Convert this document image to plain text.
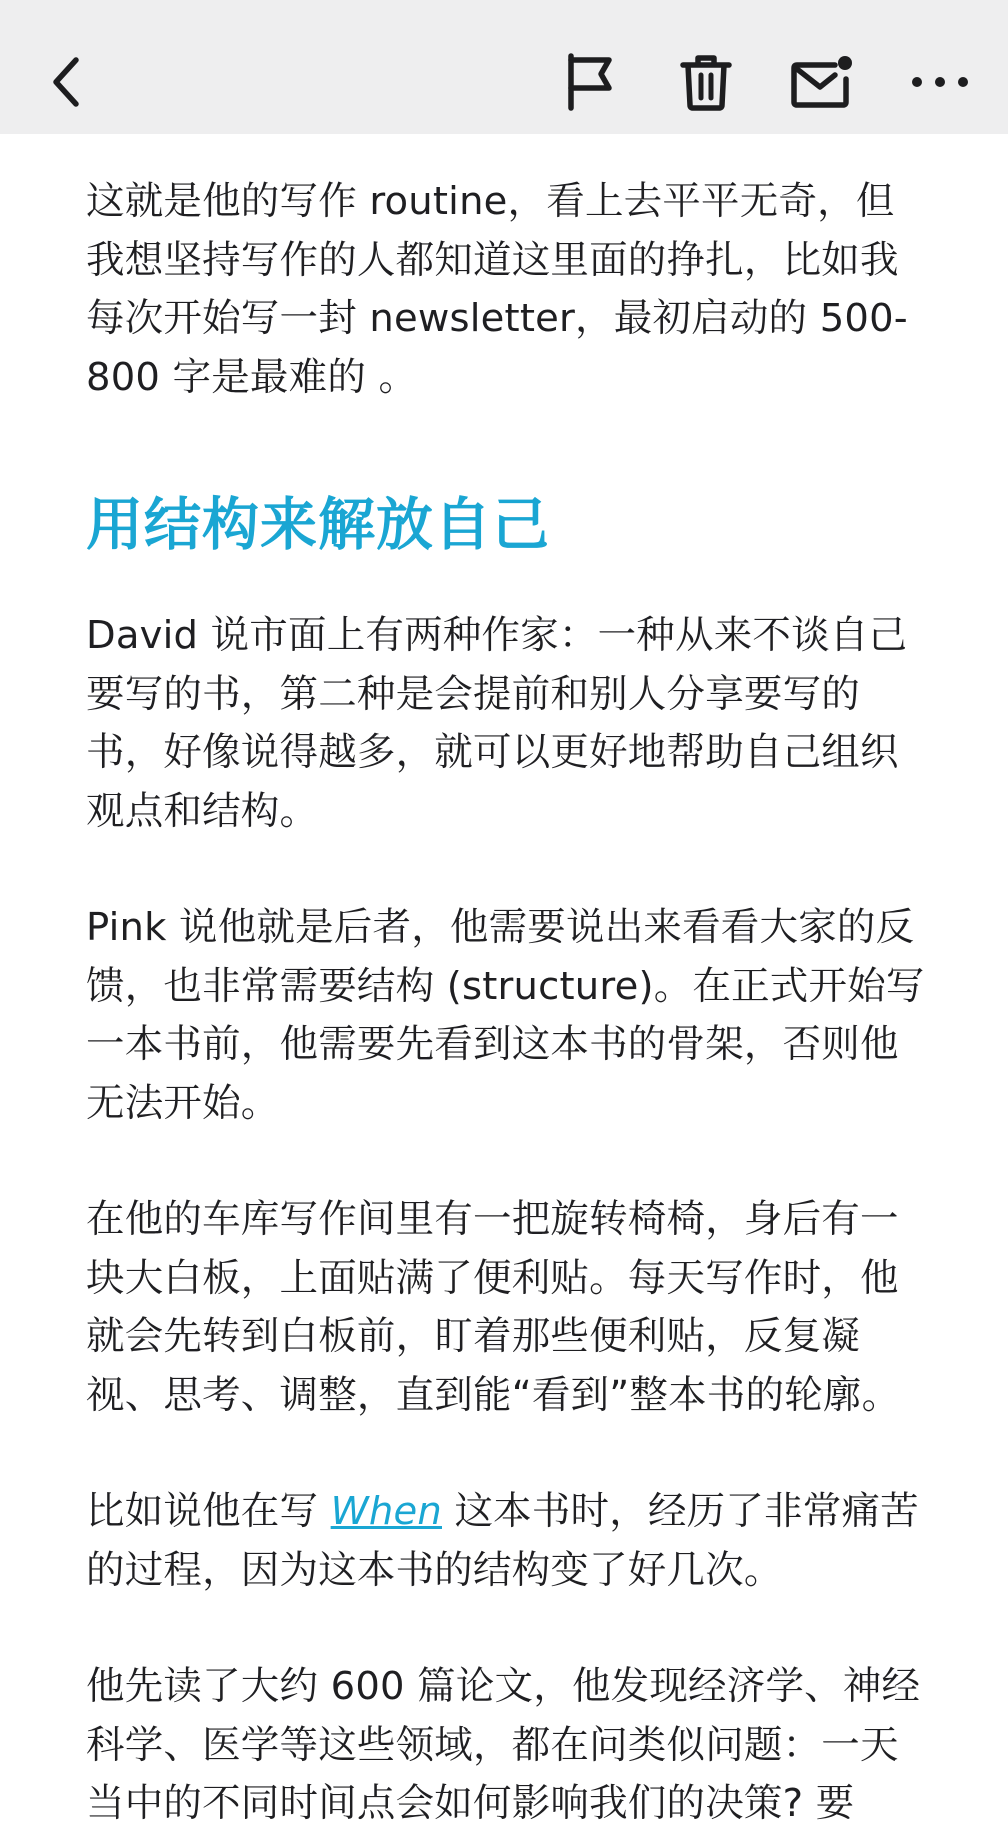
这就是他的写作 routine，看上去平平无奇，但我想坚持写作的人都知道这里面的挣扎，比如我每次开始写一封 newsletter，最初启动的 500-800 字是最难的 。

用结构来解放自己

David 说市面上有两种作家：一种从来不谈自己要写的书，第二种是会提前和别人分享要写的书，好像说得越多，就可以更好地帮助自己组织观点和结构。

Pink 说他就是后者，他需要说出来看看大家的反馈，也非常需要结构 (structure)。在正式开始写一本书前，他需要先看到这本书的骨架，否则他无法开始。

在他的车库写作间里有一把旋转椅椅，身后有一块大白板，上面贴满了便利贴。每天写作时，他就会先转到白板前，盯着那些便利贴，反复凝视、思考、调整，直到能“看到”整本书的轮廓。

比如说他在写 When 这本书时，经历了非常痛苦的过程，因为这本书的结构变了好几次。

他先读了大约 600 篇论文，他发现经济学、神经科学、医学等这些领域，都在问类似问题：一天当中的不同时间点会如何影响我们的决策? 要
